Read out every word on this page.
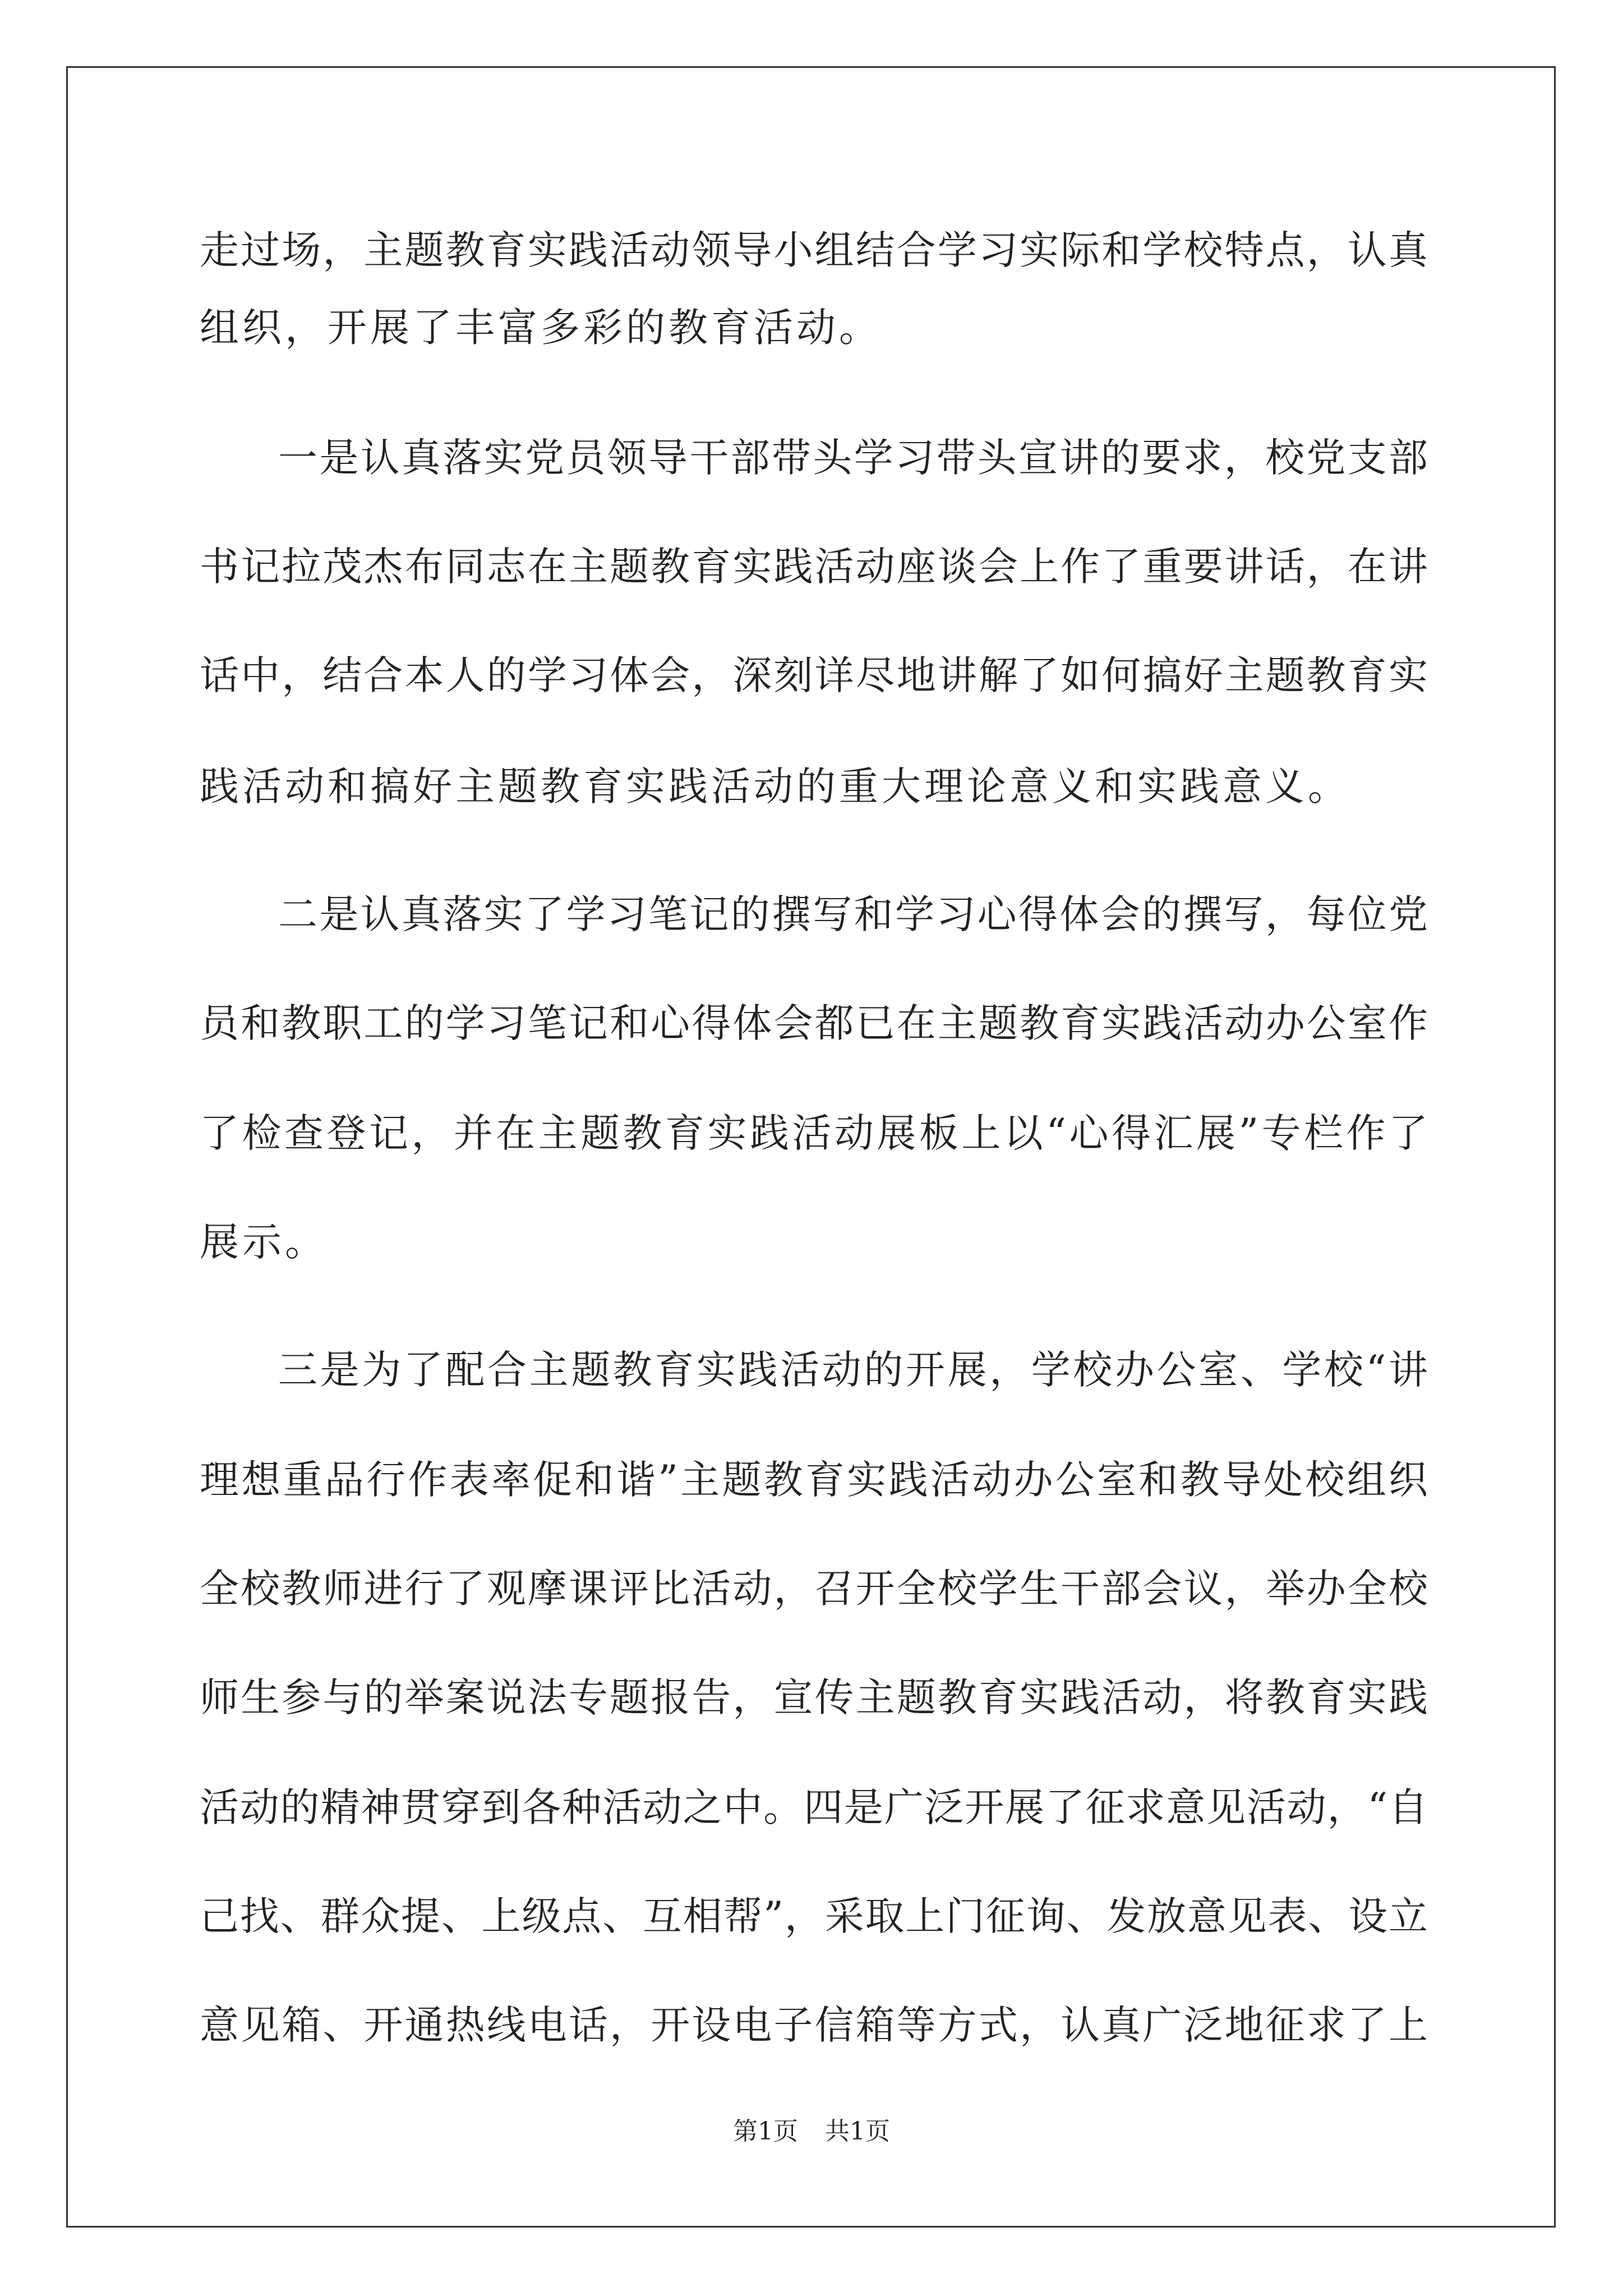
走过场，主题教育实践活动领导小组结合学习实际和学校特点，认真
组织，开展了丰富多彩的教育活动。
一是认真落实党员领导干部带头学习带头宣讲的要求，校党支部
书记拉茂杰布同志在主题教育实践活动座谈会上作了重要讲话，在讲
话中，结合本人的学习体会，深刻详尽地讲解了如何搞好主题教育实
践活动和搞好主题教育实践活动的重大理论意义和实践意义。
二是认真落实了学习笔记的撰写和学习心得体会的撰写，每位党
员和教职工的学习笔记和心得体会都已在主题教育实践活动办公室作
了检查登记，并在主题教育实践活动展板上以“心得汇展”专栏作了
展示。
三是为了配合主题教育实践活动的开展，学校办公室、学校“讲
理想重品行作表率促和谐”主题教育实践活动办公室和教导处校组织
全校教师进行了观摩课评比活动，召开全校学生干部会议，举办全校
师生参与的举案说法专题报告，宣传主题教育实践活动，将教育实践
活动的精神贯穿到各种活动之中。四是广泛开展了征求意见活动，“自
己找、群众提、上级点、互相帮”，采取上门征询、发放意见表、设立
意见箱、开通热线电话，开设电子信箱等方式，认真广泛地征求了上
第1页 共1页
